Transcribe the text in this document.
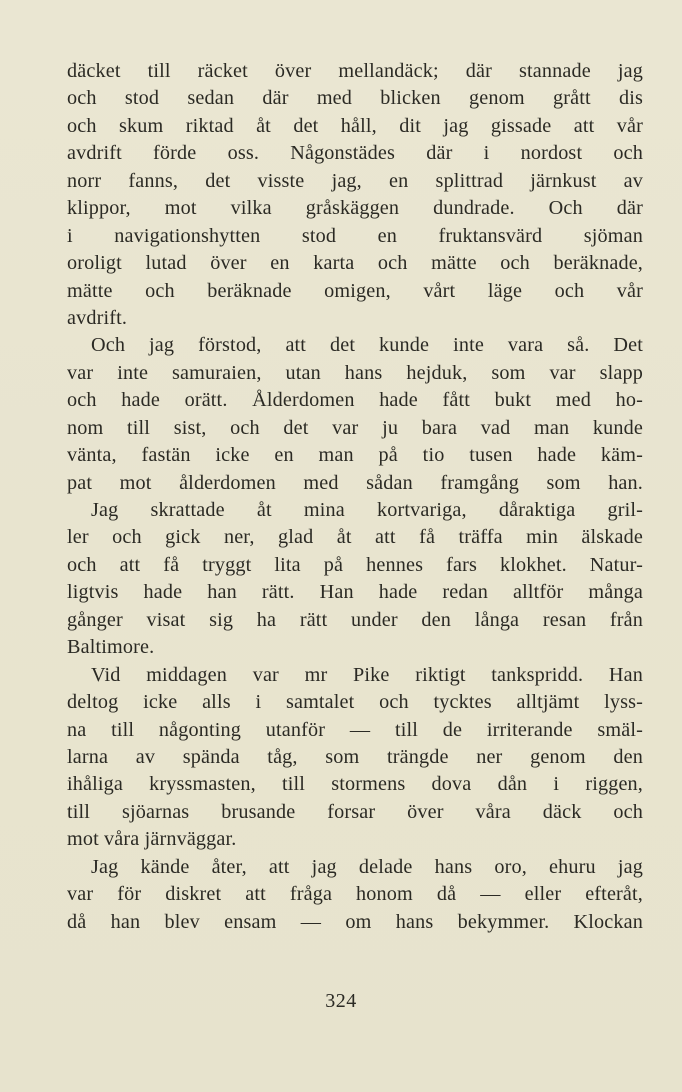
däcket till räcket över mellandäck; där stannade jag
och stod sedan där med blicken genom grått dis
och skum riktad åt det håll, dit jag gissade att vår
avdrift förde oss. Någonstädes där i nordost och
norr fanns, det visste jag, en splittrad järnkust av
klippor, mot vilka gråskäggen dundrade. Och där
i navigationshytten stod en fruktansvärd sjöman
oroligt lutad över en karta och mätte och beräknade,
mätte och beräknade omigen, vårt läge och vår
avdrift.
Och jag förstod, att det kunde inte vara så. Det
var inte samuraien, utan hans hejduk, som var slapp
och hade orätt. Ålderdomen hade fått bukt med ho-
nom till sist, och det var ju bara vad man kunde
vänta, fastän icke en man på tio tusen hade käm-
pat mot ålderdomen med sådan framgång som han.
Jag skrattade åt mina kortvariga, dåraktiga gril-
ler och gick ner, glad åt att få träffa min älskade
och att få tryggt lita på hennes fars klokhet. Natur-
ligtvis hade han rätt. Han hade redan alltför många
gånger visat sig ha rätt under den långa resan från
Baltimore.
Vid middagen var mr Pike riktigt tankspridd. Han
deltog icke alls i samtalet och tycktes alltjämt lyss-
na till någonting utanför — till de irriterande smäl-
larna av spända tåg, som trängde ner genom den
ihåliga kryssmasten, till stormens dova dån i riggen,
till sjöarnas brusande forsar över våra däck och
mot våra järnväggar.
Jag kände åter, att jag delade hans oro, ehuru jag
var för diskret att fråga honom då — eller efteråt,
då han blev ensam — om hans bekymmer. Klockan
324
